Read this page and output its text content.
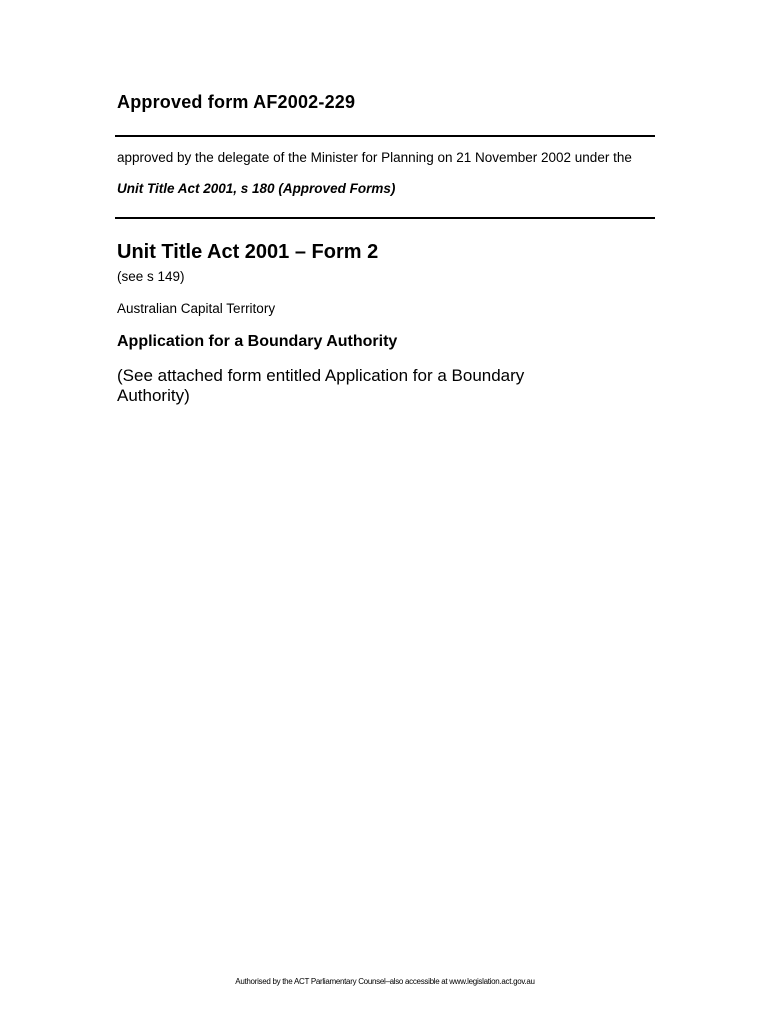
Approved form AF2002-229

approved by the delegate of the Minister for Planning on 21 November 2002 under the

Unit Title Act 2001, s 180 (Approved Forms)

Unit Title Act 2001 – Form 2

(see s 149)

Australian Capital Territory

Application for a Boundary Authority

(See attached form entitled Application for a Boundary Authority)

Authorised by the ACT Parliamentary Counsel–also accessible at www.legislation.act.gov.au
